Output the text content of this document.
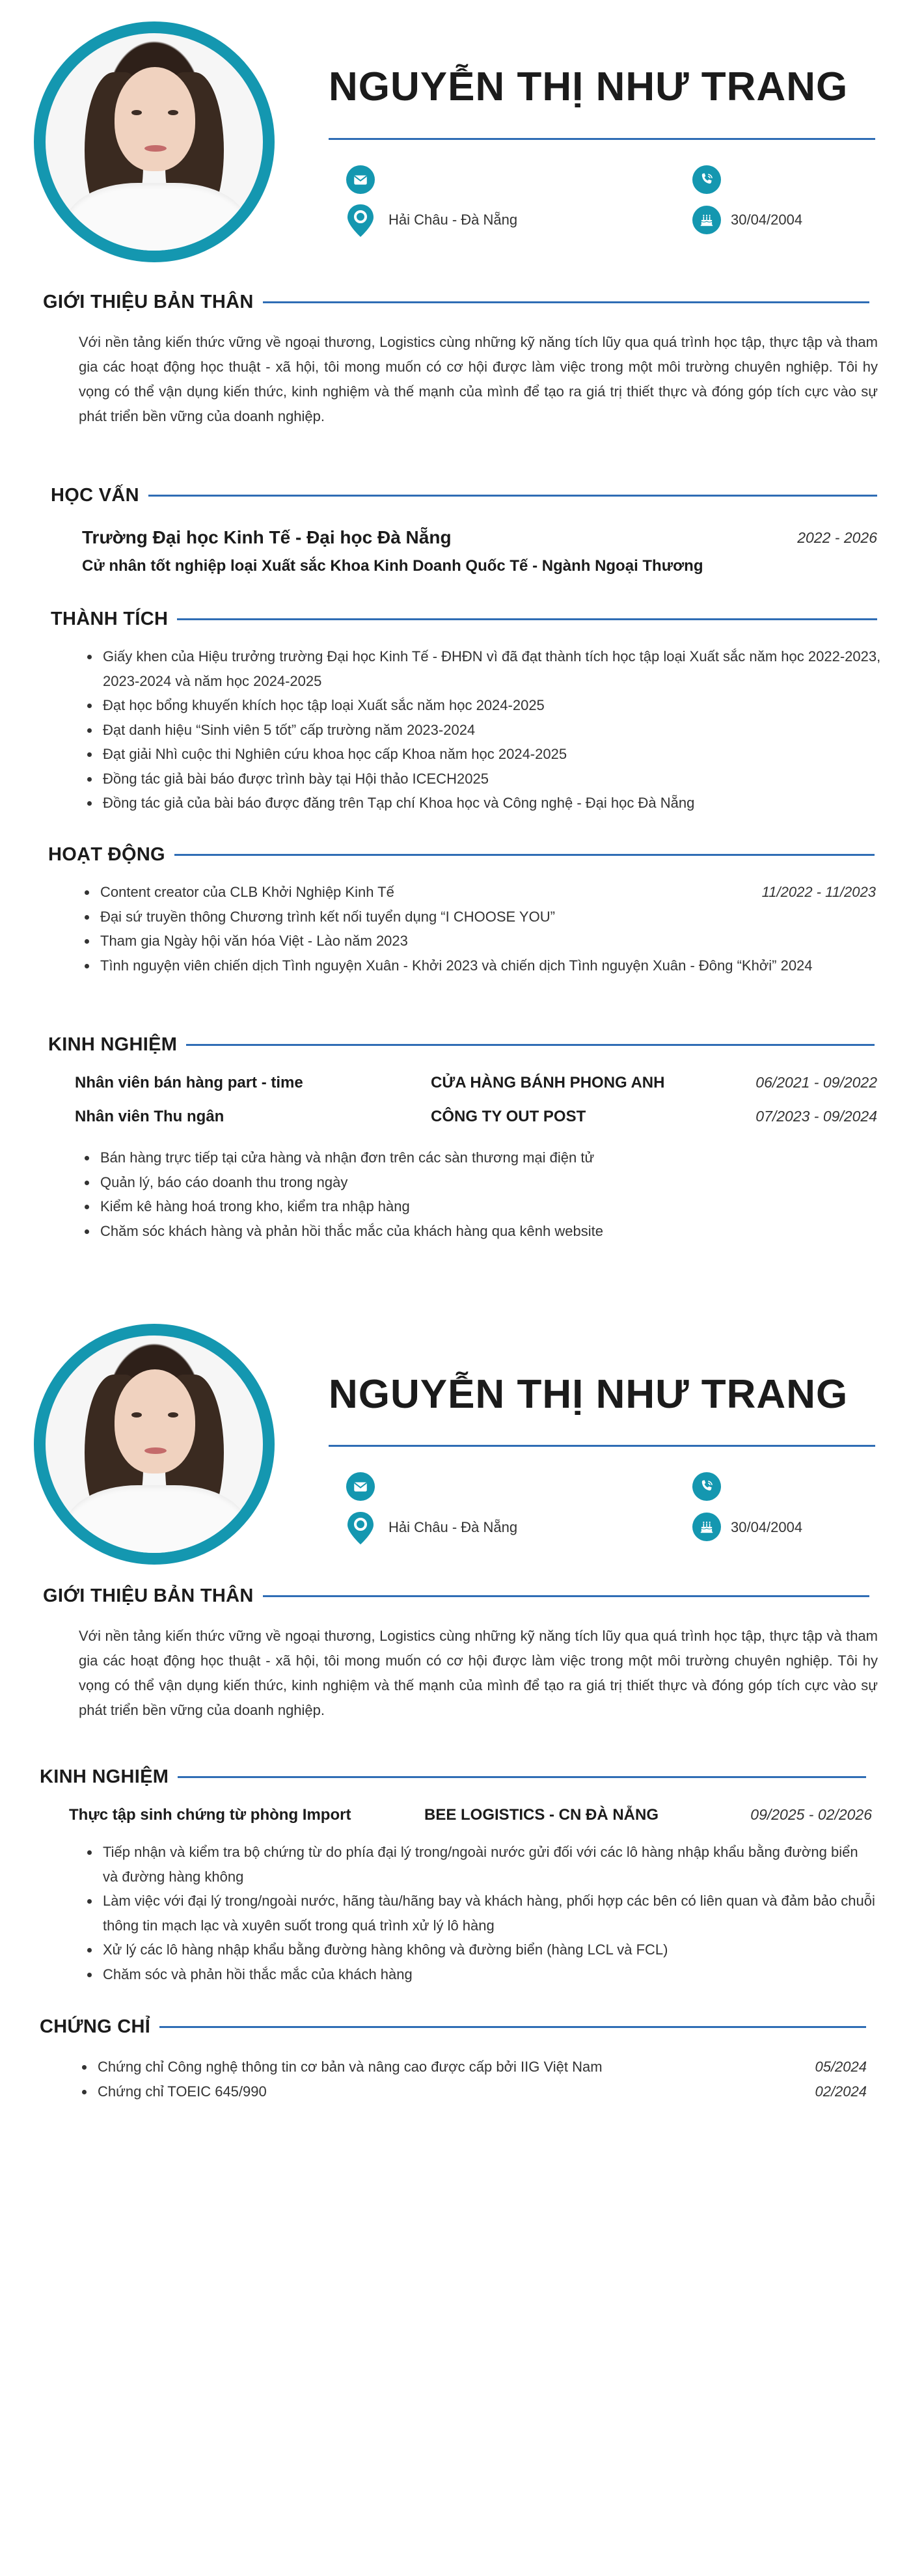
NGUYỄN THỊ NHƯ TRANG
Hải Châu - Đà Nẵng	30/04/2004
GIỚI THIỆU BẢN THÂN

Với nền tảng kiến thức vững về ngoại thương, Logistics cùng những kỹ năng tích lũy qua quá trình học tập, thực tập và tham gia các hoạt động học thuật - xã hội, tôi mong muốn có cơ hội được làm việc trong một môi trường chuyên nghiệp. Tôi hy vọng có thể vận dụng kiến thức, kinh nghiệm và thế mạnh của mình để tạo ra giá trị thiết thực và đóng góp tích cực vào sự phát triển bền vững của doanh nghiệp.

HỌC VẤN
Trường Đại học Kinh Tế - Đại học Đà Nẵng	2022 - 2026
Cử nhân tốt nghiệp loại Xuất sắc Khoa Kinh Doanh Quốc Tế - Ngành Ngoại Thương
THÀNH TÍCH
Giấy khen của Hiệu trưởng trường Đại học Kinh Tế - ĐHĐN vì đã đạt thành tích học tập loại Xuất sắc năm học 2022-2023, 2023-2024 và năm học 2024-2025
Đạt học bổng khuyến khích học tập loại Xuất sắc năm học 2024-2025
Đạt danh hiệu “Sinh viên 5 tốt” cấp trường năm 2023-2024
Đạt giải Nhì cuộc thi Nghiên cứu khoa học cấp Khoa năm học 2024-2025
Đồng tác giả bài báo được trình bày tại Hội thảo ICECH2025
Đồng tác giả của bài báo được đăng trên Tạp chí Khoa học và Công nghệ - Đại học Đà Nẵng
HOẠT ĐỘNG
Content creator của CLB Khởi Nghiệp Kinh Tế	11/2022 - 11/2023
Đại sứ truyền thông Chương trình kết nối tuyển dụng “I CHOOSE YOU”
Tham gia Ngày hội văn hóa Việt - Lào năm 2023
Tình nguyện viên chiến dịch Tình nguyện Xuân - Khởi 2023 và chiến dịch Tình nguyện Xuân - Đông “Khởi” 2024
KINH NGHIỆM
Nhân viên bán hàng part - time	CỬA HÀNG BÁNH PHONG ANH	06/2021 - 09/2022
Nhân viên Thu ngân	CÔNG TY OUT POST	07/2023 - 09/2024
Bán hàng trực tiếp tại cửa hàng và nhận đơn trên các sàn thương mại điện tử
Quản lý, báo cáo doanh thu trong ngày
Kiểm kê hàng hoá trong kho, kiểm tra nhập hàng
Chăm sóc khách hàng và phản hồi thắc mắc của khách hàng qua kênh website
NGUYỄN THỊ NHƯ TRANG
Hải Châu - Đà Nẵng	30/04/2004
GIỚI THIỆU BẢN THÂN

Với nền tảng kiến thức vững về ngoại thương, Logistics cùng những kỹ năng tích lũy qua quá trình học tập, thực tập và tham gia các hoạt động học thuật - xã hội, tôi mong muốn có cơ hội được làm việc trong một môi trường chuyên nghiệp. Tôi hy vọng có thể vận dụng kiến thức, kinh nghiệm và thế mạnh của mình để tạo ra giá trị thiết thực và đóng góp tích cực vào sự phát triển bền vững của doanh nghiệp.

KINH NGHIỆM
Thực tập sinh chứng từ phòng Import	BEE LOGISTICS - CN ĐÀ NẴNG	09/2025 - 02/2026
Tiếp nhận và kiểm tra bộ chứng từ do phía đại lý trong/ngoài nước gửi đối với các lô hàng nhập khẩu bằng đường biển và đường hàng không
Làm việc với đại lý trong/ngoài nước, hãng tàu/hãng bay và khách hàng, phối hợp các bên có liên quan và đảm bảo chuỗi thông tin mạch lạc và xuyên suốt trong quá trình xử lý lô hàng
Xử lý các lô hàng nhập khẩu bằng đường hàng không và đường biển (hàng LCL và FCL)
Chăm sóc và phản hồi thắc mắc của khách hàng
CHỨNG CHỈ
Chứng chỉ Công nghệ thông tin cơ bản và nâng cao được cấp bởi IIG Việt Nam	05/2024
Chứng chỉ TOEIC 645/990	02/2024
